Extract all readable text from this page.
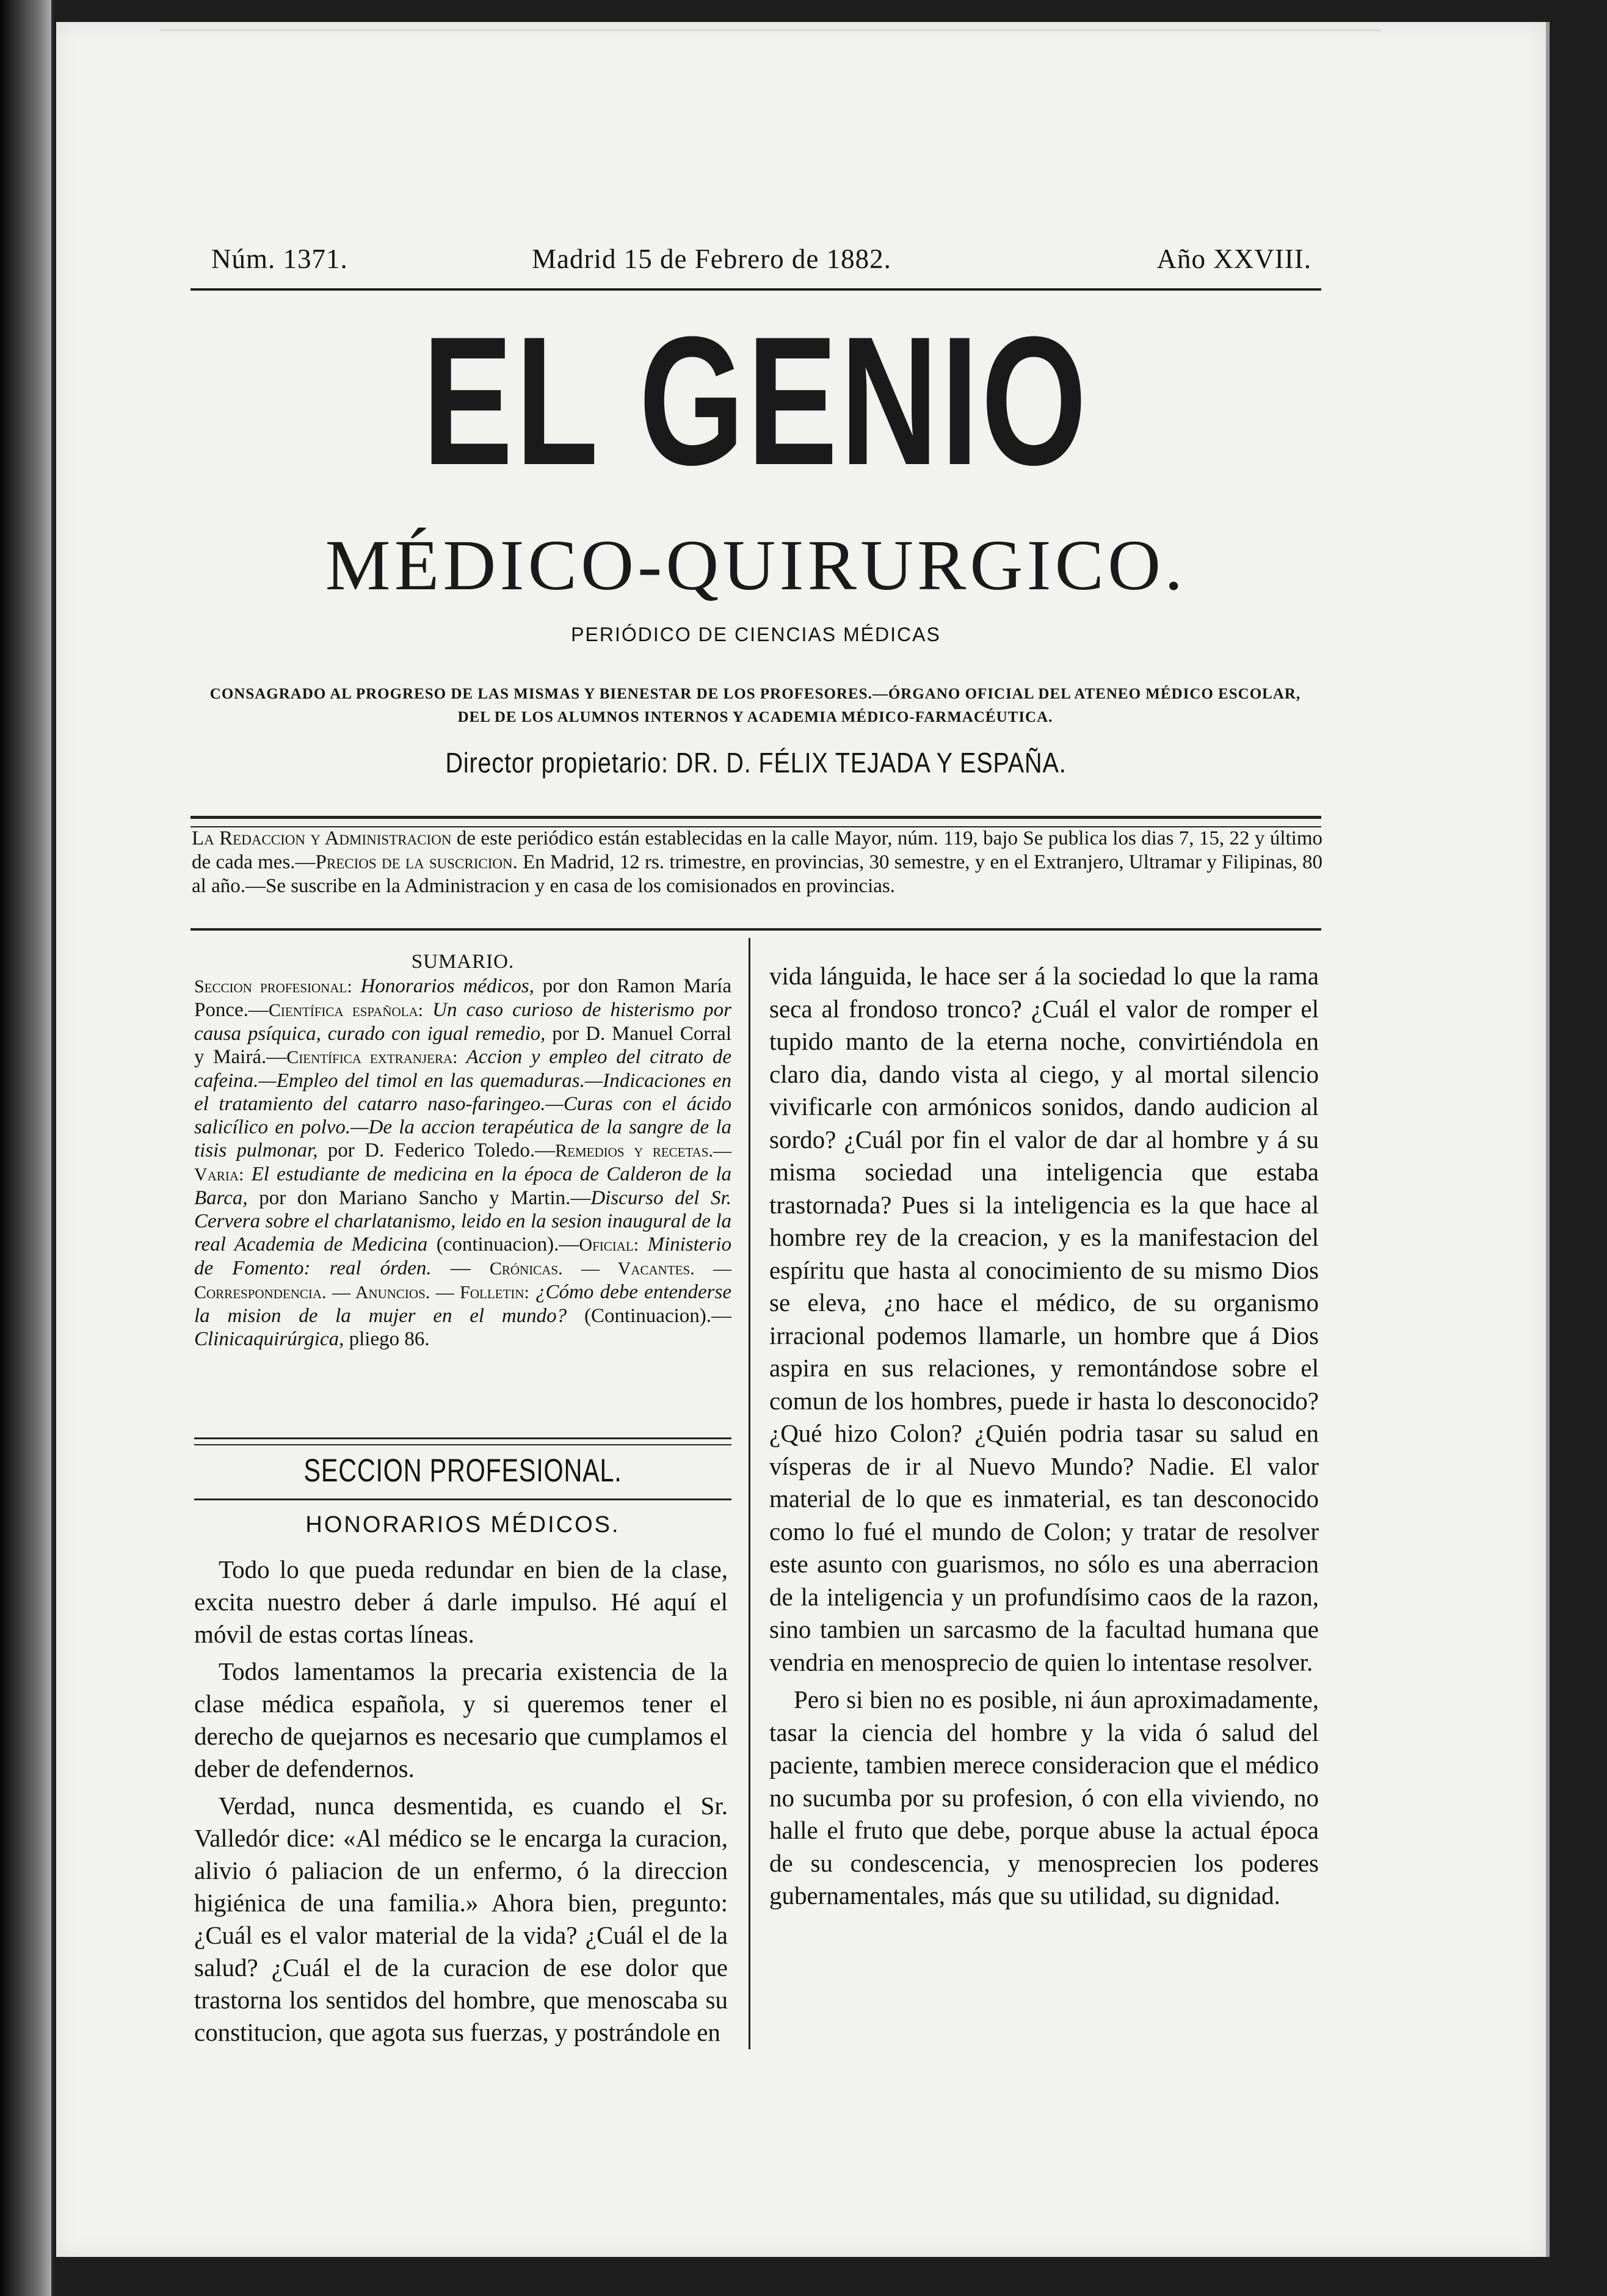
Núm. 1371.	Madrid 15 de Febrero de 1882.	Año XXVIII.
EL GENIO
MÉDICO-QUIRURGICO.
PERIÓDICO DE CIENCIAS MÉDICAS
CONSAGRADO AL PROGRESO DE LAS MISMAS Y BIENESTAR DE LOS PROFESORES.—ÓRGANO OFICIAL DEL ATENEO MÉDICO ESCOLAR, DEL DE LOS ALUMNOS INTERNOS Y ACADEMIA MÉDICO-FARMACÉUTICA.
Director propietario: DR. D. FÉLIX TEJADA Y ESPAÑA.
La Redaccion y Administracion de este periódico están establecidas en la calle Mayor, núm. 119, bajo Se publica los dias 7, 15, 22 y último de cada mes.—Precios de la suscricion. En Madrid, 12 rs. trimestre, en provincias, 30 semestre, y en el Extranjero, Ultramar y Filipinas, 80 al año.—Se suscribe en la Administracion y en casa de los comisionados en provincias.
SUMARIO.

Seccion profesional: Honorarios médicos, por don Ramon María Ponce.—Científica española: Un caso curioso de histerismo por causa psíquica, curado con igual remedio, por D. Manuel Corral y Mairá.—Científica extranjera: Accion y empleo del citrato de cafeina.—Empleo del timol en las quemaduras.—Indicaciones en el tratamiento del catarro naso-faringeo.—Curas con el ácido salicílico en polvo.—De la accion terapéutica de la sangre de la tisis pulmonar, por D. Federico Toledo.—Remedios y recetas.—Varia: El estudiante de medicina en la época de Calderon de la Barca, por don Mariano Sancho y Martin.—Discurso del Sr. Cervera sobre el charlatanismo, leido en la sesion inaugural de la real Academia de Medicina (continuacion).—Oficial: Ministerio de Fomento: real órden. — Crónicas. — Vacantes. — Correspondencia. — Anuncios. — Folletin: ¿Cómo debe entenderse la mision de la mujer en el mundo? (Continuacion).—Clinicaquirúrgica, pliego 86.

SECCION PROFESIONAL.
HONORARIOS MÉDICOS.

Todo lo que pueda redundar en bien de la clase, excita nuestro deber á darle impulso. Hé aquí el móvil de estas cortas líneas.

Todos lamentamos la precaria existencia de la clase médica española, y si queremos tener el derecho de quejarnos es necesario que cumplamos el deber de defendernos.

Verdad, nunca desmentida, es cuando el Sr. Valledór dice: «Al médico se le encarga la curacion, alivio ó paliacion de un enfermo, ó la direccion higiénica de una familia.» Ahora bien, pregunto: ¿Cuál es el valor material de la vida? ¿Cuál el de la salud? ¿Cuál el de la curacion de ese dolor que trastorna los sentidos del hombre, que menoscaba su constitucion, que agota sus fuerzas, y postrándole en

vida lánguida, le hace ser á la sociedad lo que la rama seca al frondoso tronco? ¿Cuál el valor de romper el tupido manto de la eterna noche, convirtiéndola en claro dia, dando vista al ciego, y al mortal silencio vivificarle con armónicos sonidos, dando audicion al sordo? ¿Cuál por fin el valor de dar al hombre y á su misma sociedad una inteligencia que estaba trastornada? Pues si la inteligencia es la que hace al hombre rey de la creacion, y es la manifestacion del espíritu que hasta al conocimiento de su mismo Dios se eleva, ¿no hace el médico, de su organismo irracional podemos llamarle, un hombre que á Dios aspira en sus relaciones, y remontándose sobre el comun de los hombres, puede ir hasta lo desconocido? ¿Qué hizo Colon? ¿Quién podria tasar su salud en vísperas de ir al Nuevo Mundo? Nadie. El valor material de lo que es inmaterial, es tan desconocido como lo fué el mundo de Colon; y tratar de resolver este asunto con guarismos, no sólo es una aberracion de la inteligencia y un profundísimo caos de la razon, sino tambien un sarcasmo de la facultad humana que vendria en menosprecio de quien lo intentase resolver.

Pero si bien no es posible, ni áun aproximadamente, tasar la ciencia del hombre y la vida ó salud del paciente, tambien merece consideracion que el médico no sucumba por su profesion, ó con ella viviendo, no halle el fruto que debe, porque abuse la actual época de su condescencia, y menosprecien los poderes gubernamentales, más que su utilidad, su dignidad.
